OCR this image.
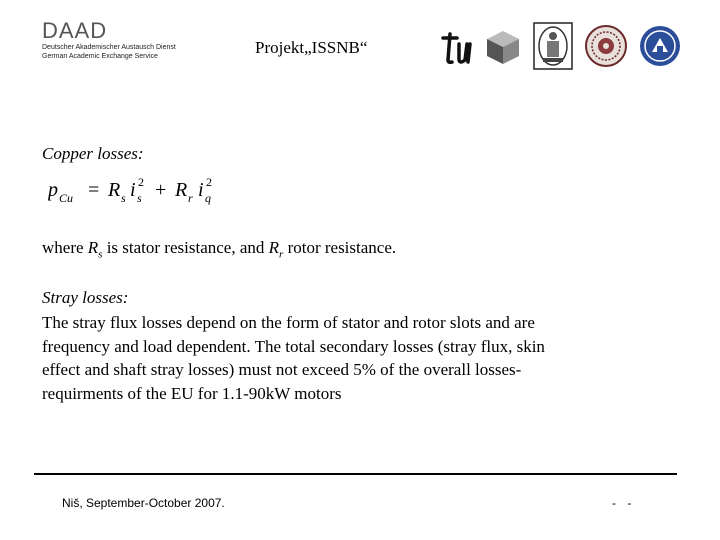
DAAD
Deutscher Akademischer Austausch Dienst
German Academic Exchange Service	Projekt„ISSNB“
Copper losses:
p Cu = R s i 2
s + R r i 2
q
where $R_s$ is stator resistance, and $R_r$ rotor resistance.
Stray losses:
The stray flux losses depend on the form of stator and rotor slots and are
frequency and load dependent. The total secondary losses (stray flux, skin
effect and shaft stray losses) must not exceed 5% of the overall losses-
requirments of the EU for 1.1-90kW motors
Niš, September-October 2007.	- -
